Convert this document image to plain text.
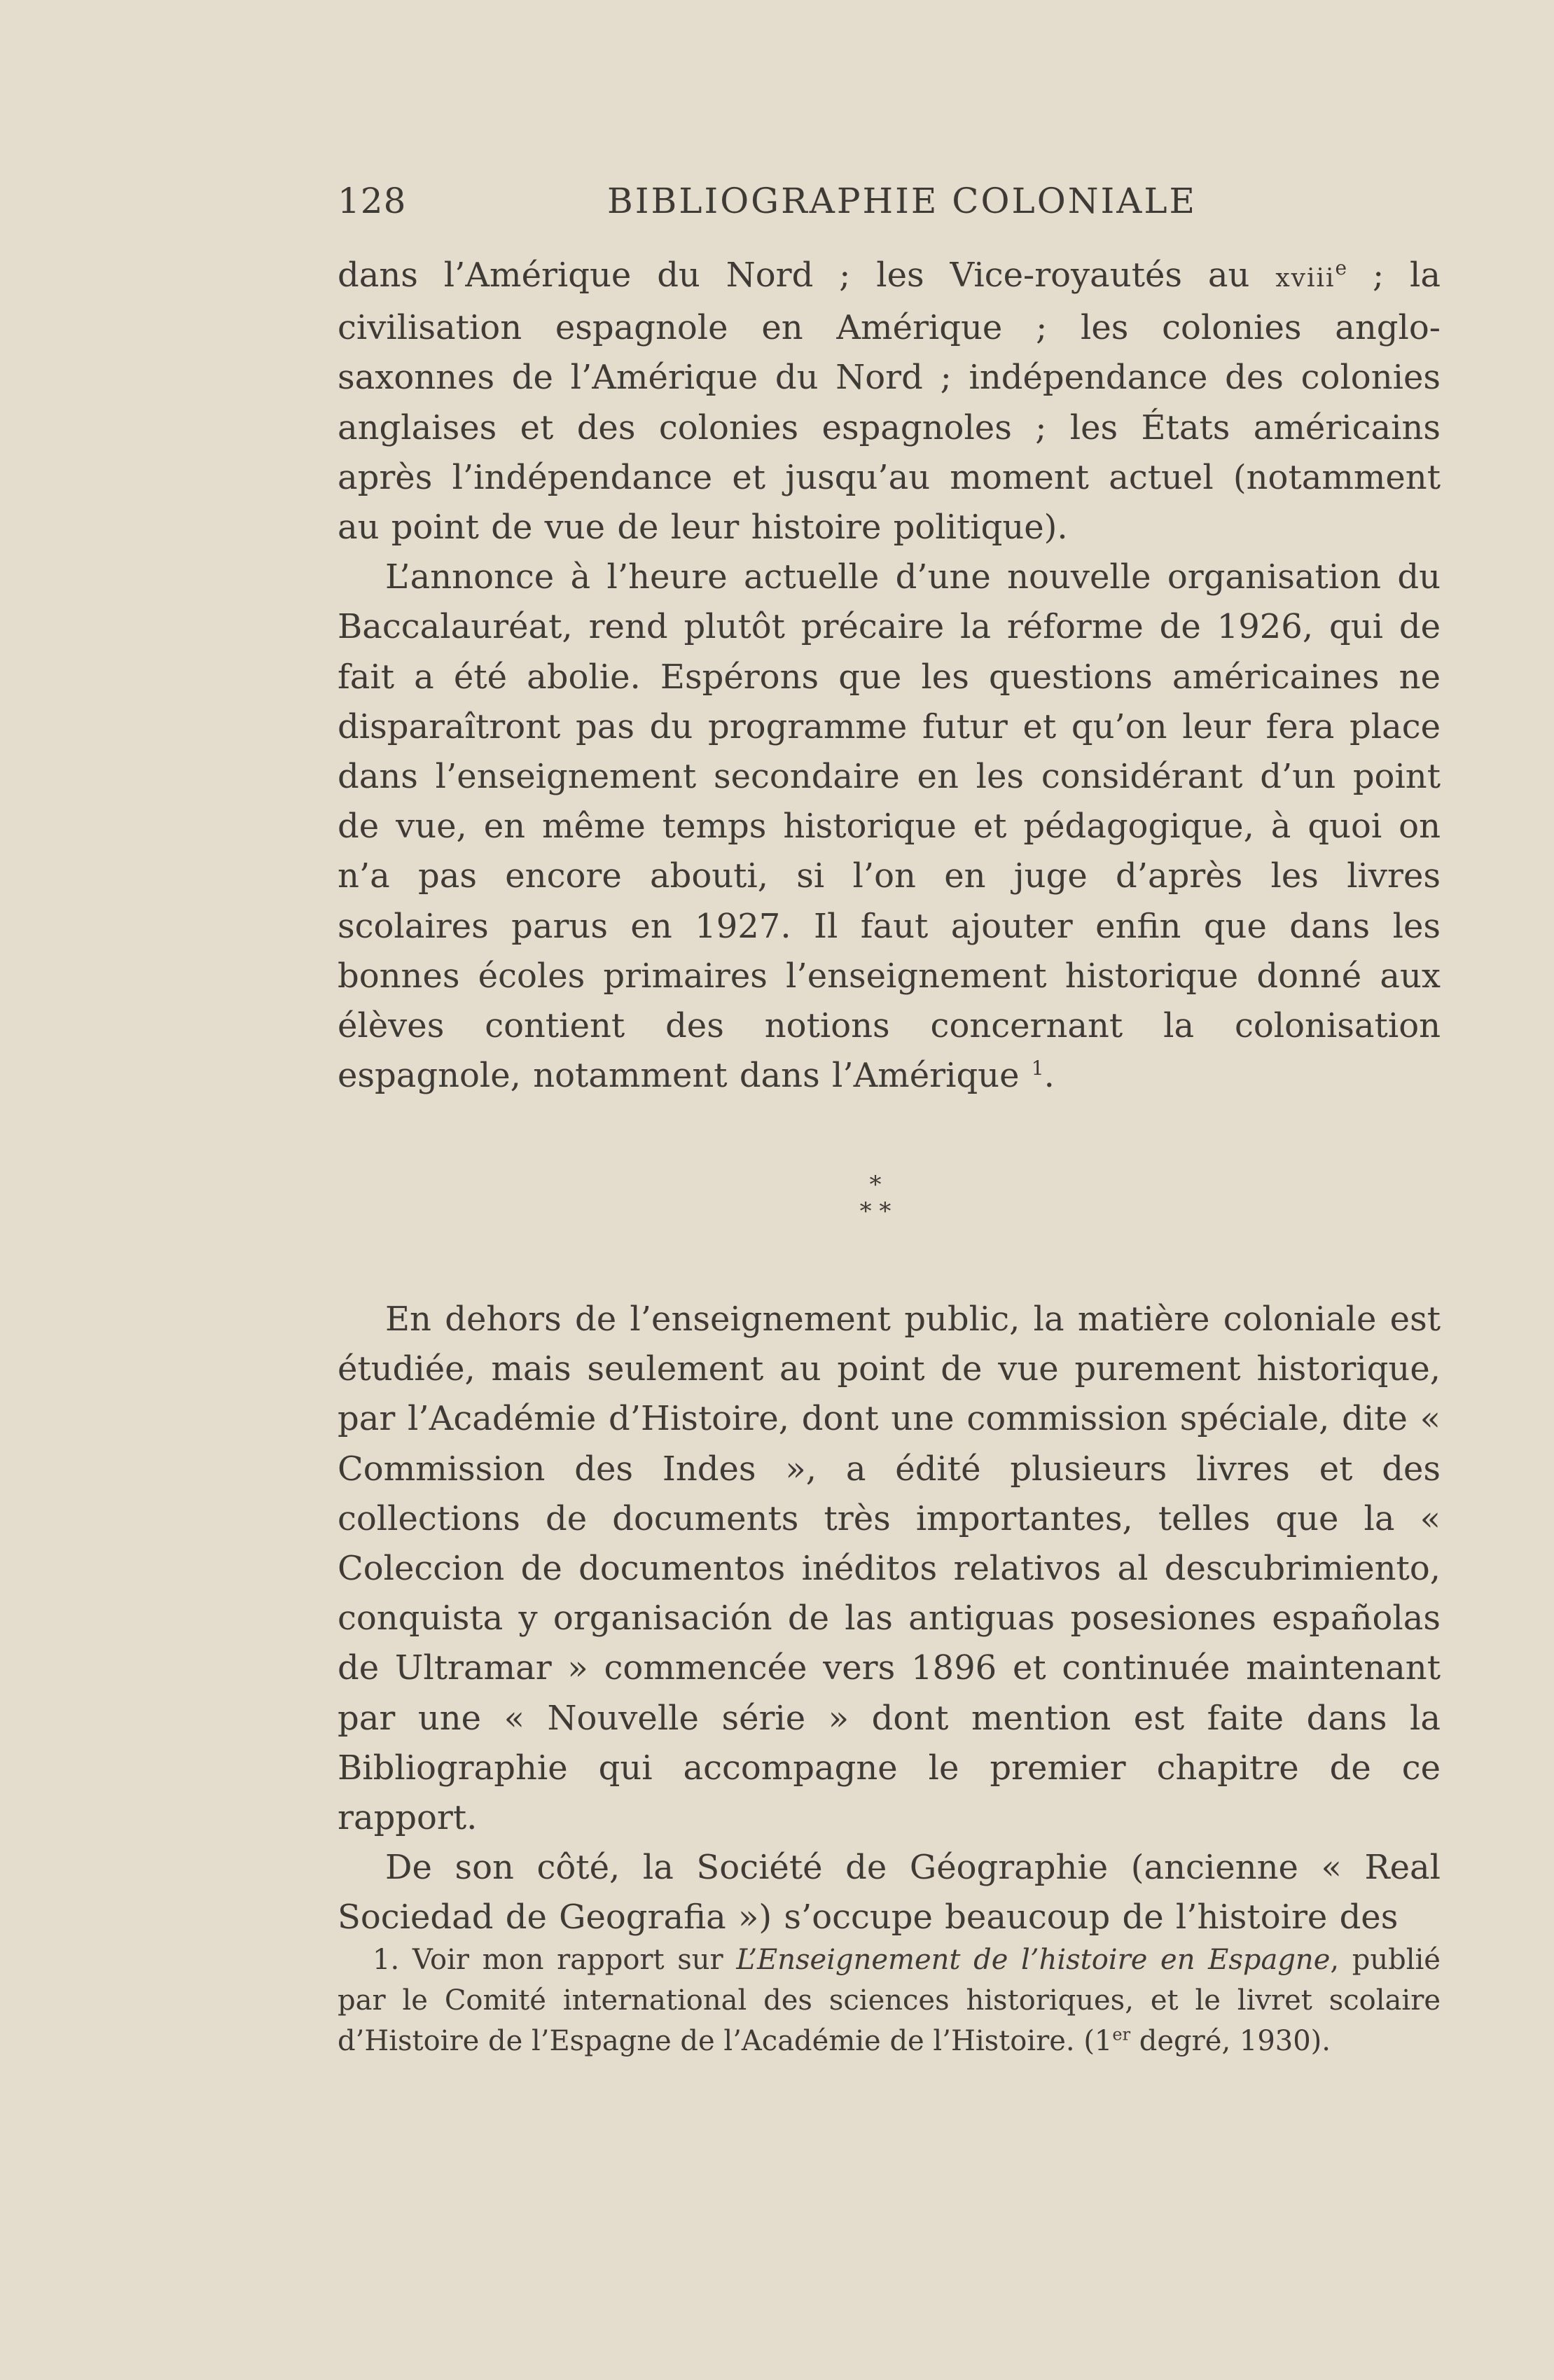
128	BIBLIOGRAPHIE COLONIALE

dans l’Amérique du Nord ; les Vice-royautés au xviii$^e$ ; la civilisation espagnole en Amérique ; les colonies anglo-saxonnes de l’Amérique du Nord ; indépendance des colonies anglaises et des colonies espagnoles ; les États américains après l’indépendance et jusqu’au moment actuel (notamment au point de vue de leur histoire politique).

L’annonce à l’heure actuelle d’une nouvelle organisation du Baccalauréat, rend plutôt précaire la réforme de 1926, qui de fait a été abolie. Espérons que les questions américaines ne disparaîtront pas du programme futur et qu’on leur fera place dans l’enseignement secondaire en les considérant d’un point de vue, en même temps historique et pédagogique, à quoi on n’a pas encore abouti, si l’on en juge d’après les livres scolaires parus en 1927. Il faut ajouter enfin que dans les bonnes écoles primaires l’enseignement historique donné aux élèves contient des notions concernant la colonisation espagnole, notamment dans l’Amérique $^1$.

*
* *

En dehors de l’enseignement public, la matière coloniale est étudiée, mais seulement au point de vue purement historique, par l’Académie d’Histoire, dont une commission spéciale, dite « Commission des Indes », a édité plusieurs livres et des collections de documents très importantes, telles que la « Coleccion de documentos inéditos relativos al descubrimiento, conquista y organisación de las antiguas posesiones españolas de Ultramar » commencée vers 1896 et continuée maintenant par une « Nouvelle série » dont mention est faite dans la Bibliographie qui accompagne le premier chapitre de ce rapport.

De son côté, la Société de Géographie (ancienne « Real Sociedad de Geografia ») s’occupe beaucoup de l’histoire des

1. Voir mon rapport sur L’Enseignement de l’histoire en Espagne, publié par le Comité international des sciences historiques, et le livret scolaire d’Histoire de l’Espagne de l’Académie de l’Histoire. (1er degré, 1930).
